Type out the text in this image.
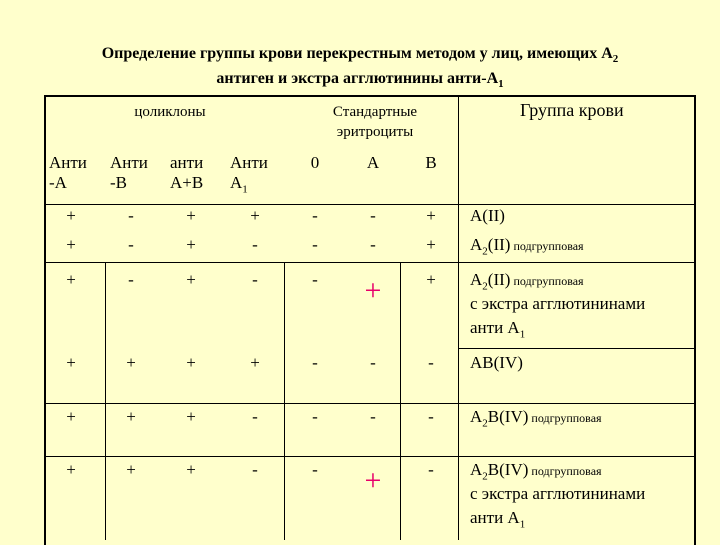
Определение группы крови перекрестным методом у лиц, имеющих $А_2$
антиген и экстра агглютинины анти-$А_1$
цоликлоны	Стандартные
эритроциты
Группа крови
Анти
-А
Анти
-В
анти
А+В
Анти
$А_1$
0	А	В
+	-	+	+	-	-	+	А(II)
+	-	+	-	-	-	+	$А_2(II)$ подгрупповая
+	-	+	-	-	+	+	$А_2(II)$ подгрупповая
с экстра агглютининами
анти $А_1$
+	+	+	+	-	-	-	АВ(IV)
+	+	+	-	-	-	-	$А_2В(IV)$ подгрупповая
+	+	+	-	-	+	-	$А_2В(IV)$ подгрупповая
с экстра агглютининами
анти $А_1$
